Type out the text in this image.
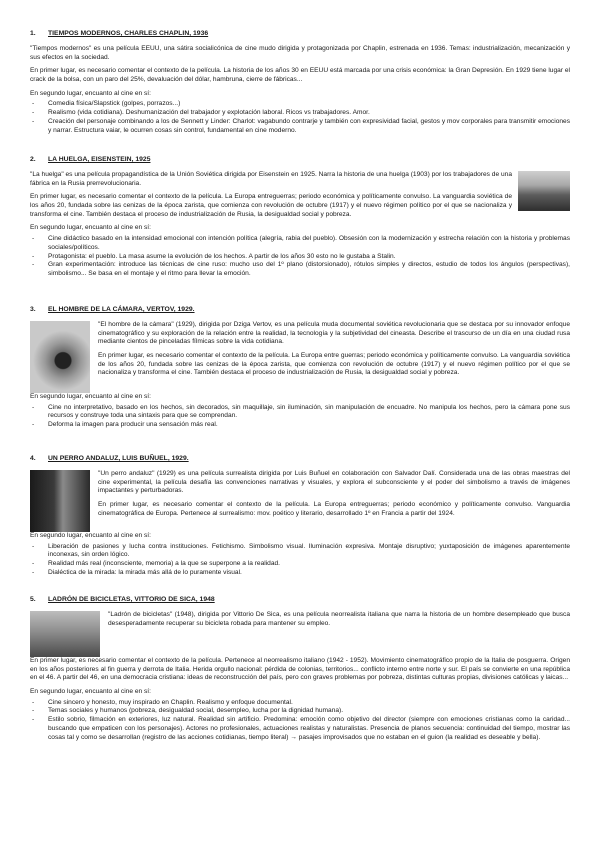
1.	TIEMPOS MODERNOS, CHARLES CHAPLIN, 1936

"Tiempos modernos" es una película EEUU, una sátira socialicónica de cine mudo dirigida y protagonizada por Chaplin, estrenada en 1936. Temas: industrialización, mecanización y sus efectos en la sociedad.

En primer lugar, es necesario comentar el contexto de la película. La historia de los años 30 en EEUU está marcada por una crisis económica: la Gran Depresión. En 1929 tiene lugar el crack de la bolsa, con un paro del 25%, devaluación del dólar, hambruna, cierre de fábricas...

En segundo lugar, encuanto al cine en sí:
- Comedia física/Slapstick (golpes, porrazos...)
- Realismo (vida cotidiana). Deshumanización del trabajador y explotación laboral. Ricos vs trabajadores. Amor.
- Creación del personaje combinando a los de Sennett y Linder: Charlot: vagabundo contrarje y también con expresividad facial, gestos y mov corporales para transmitir emociones y narrar. Estructura vaiar, le ocurren cosas sin control, fundamental en cine moderno.
2.	LA HUELGA, EISENSTEIN, 1925

"La huelga" es una película propagandística de la Unión Soviética dirigida por Eisenstein en 1925. Narra la historia de una huelga (1903) por los trabajadores de una fábrica en la Rusia prerrevolucionaria.

En primer lugar, es necesario comentar el contexto de la película. La Europa entreguerras; periodo económica y políticamente convulso. La vanguardia soviética de los años 20, fundada sobre las cenizas de la época zarista, que comienza con revolución de octubre (1917) y el nuevo régimen político por el que se nacionaliza y transforma el cine. También destaca el proceso de industrialización de Rusia, la desigualdad social y pobreza.

En segundo lugar, encuanto al cine en sí:
- Cine didáctico basado en la intensidad emocional con intención política (alegría, rabia del pueblo). Obsesión con la modernización y estrecha relación con la historia y problemas sociales/políticos.
- Protagonista: el pueblo. La masa asume la evolución de los hechos. A partir de los años 30 esto no le gustaba a Stalin.
- Gran experimentación: introduce las técnicas de cine ruso: mucho uso del 1º plano (distorsionado), rótulos simples y directos, estudio de todos los ángulos (perspectivas), simbolismo... Se basa en el montaje y el ritmo para llevar la emoción.
3.	EL HOMBRE DE LA CÁMARA, VERTOV, 1929.

"El hombre de la cámara" (1929), dirigida por Dziga Vertov, es una película muda documental soviética revolucionaria que se destaca por su innovador enfoque cinematográfico y su exploración de la relación entre la realidad, la tecnología y la subjetividad del cineasta. Describe el trascurso de un día en una ciudad rusa mediante cientos de pinceladas fílmicas sobre la vida cotidiana.

En primer lugar, es necesario comentar el contexto de la película. La Europa entre guerras; periodo económica y políticamente convulso. La vanguardia soviética de los años 20, fundada sobre las cenizas de la época zarista, que comienza con revolución de octubre (1917) y el nuevo régimen político por el que se nacionaliza y transforma el cine. También destaca el proceso de industrialización de Rusia, la desigualdad social y pobreza.

En segundo lugar, encuanto al cine en sí:
- Cine no interpretativo, basado en los hechos, sin decorados, sin maquillaje, sin iluminación, sin manipulación de encuadre. No manipula los hechos, pero la cámara pone sus recursos y construye toda una sintaxis para que se comprendan.
- Deforma la imagen para producir una sensación más real.
4.	UN PERRO ANDALUZ, LUIS BUÑUEL, 1929.

"Un perro andaluz" (1929) es una película surrealista dirigida por Luis Buñuel en colaboración con Salvador Dalí. Considerada una de las obras maestras del cine experimental, la película desafía las convenciones narrativas y visuales, y explora el subconsciente y el poder del simbolismo a través de imágenes impactantes y perturbadoras.

En primer lugar, es necesario comentar el contexto de la película. La Europa entreguerras; periodo económico y políticamente convulso. Vanguardia cinematográfica de Europa. Pertenece al surrealismo: mov. poético y literario, desarrollado 1º en Francia a partir del 1924.

En segundo lugar, encuanto al cine en sí:
- Liberación de pasiones y lucha contra instituciones. Fetichismo. Simbolismo visual. Iluminación expresiva. Montaje disruptivo; yuxtaposición de imágenes aparentemente inconexas, sin orden lógico.
- Realidad más real (inconsciente, memoria) a la que se superpone a la realidad.
- Dialéctica de la mirada: la mirada más allá de lo puramente visual.
5.	LADRÓN DE BICICLETAS, VITTORIO DE SICA, 1948

"Ladrón de bicicletas" (1948), dirigida por Vittorio De Sica, es una película neorrealista italiana que narra la historia de un hombre desempleado que busca desesperadamente recuperar su bicicleta robada para mantener su empleo.

En primer lugar, es necesario comentar el contexto de la película. Pertenece al neorrealismo italiano (1942 - 1952). Movimiento cinematográfico propio de la Italia de posguerra. Origen en los años posteriores al fin guerra y derrota de Italia. Herida orgullo nacional: pérdida de colonias, territorios... conflicto interno entre norte y sur. El país se convierte en una república en el 46. A partir del 46, en una democracia cristiana: ideas de reconstrucción del país, pero con graves problemas por pobreza, distintas culturas propias, divisiones católicas y laicas...

En segundo lugar, encuanto al cine en sí:
- Cine sincero y honesto, muy inspirado en Chaplin. Realismo y enfoque documental.
- Temas sociales y humanos (pobreza, desigualdad social, desempleo, lucha por la dignidad humana).
- Estilo sobrio, filmación en exteriores, luz natural. Realidad sin artificio. Predomina: emoción como objetivo del director (siempre con emociones cristianas como la caridad... buscando que empaticen con los personajes). Actores no profesionales, actuaciones realistas y naturalistas. Presencia de planos secuencia: continuidad del tiempo, mostrar las cosas tal y como se desarrollan (registro de las acciones cotidianas, tiempo literal) → pasajes improvisados que no estaban en el guion (la realidad es deseable y bella).
